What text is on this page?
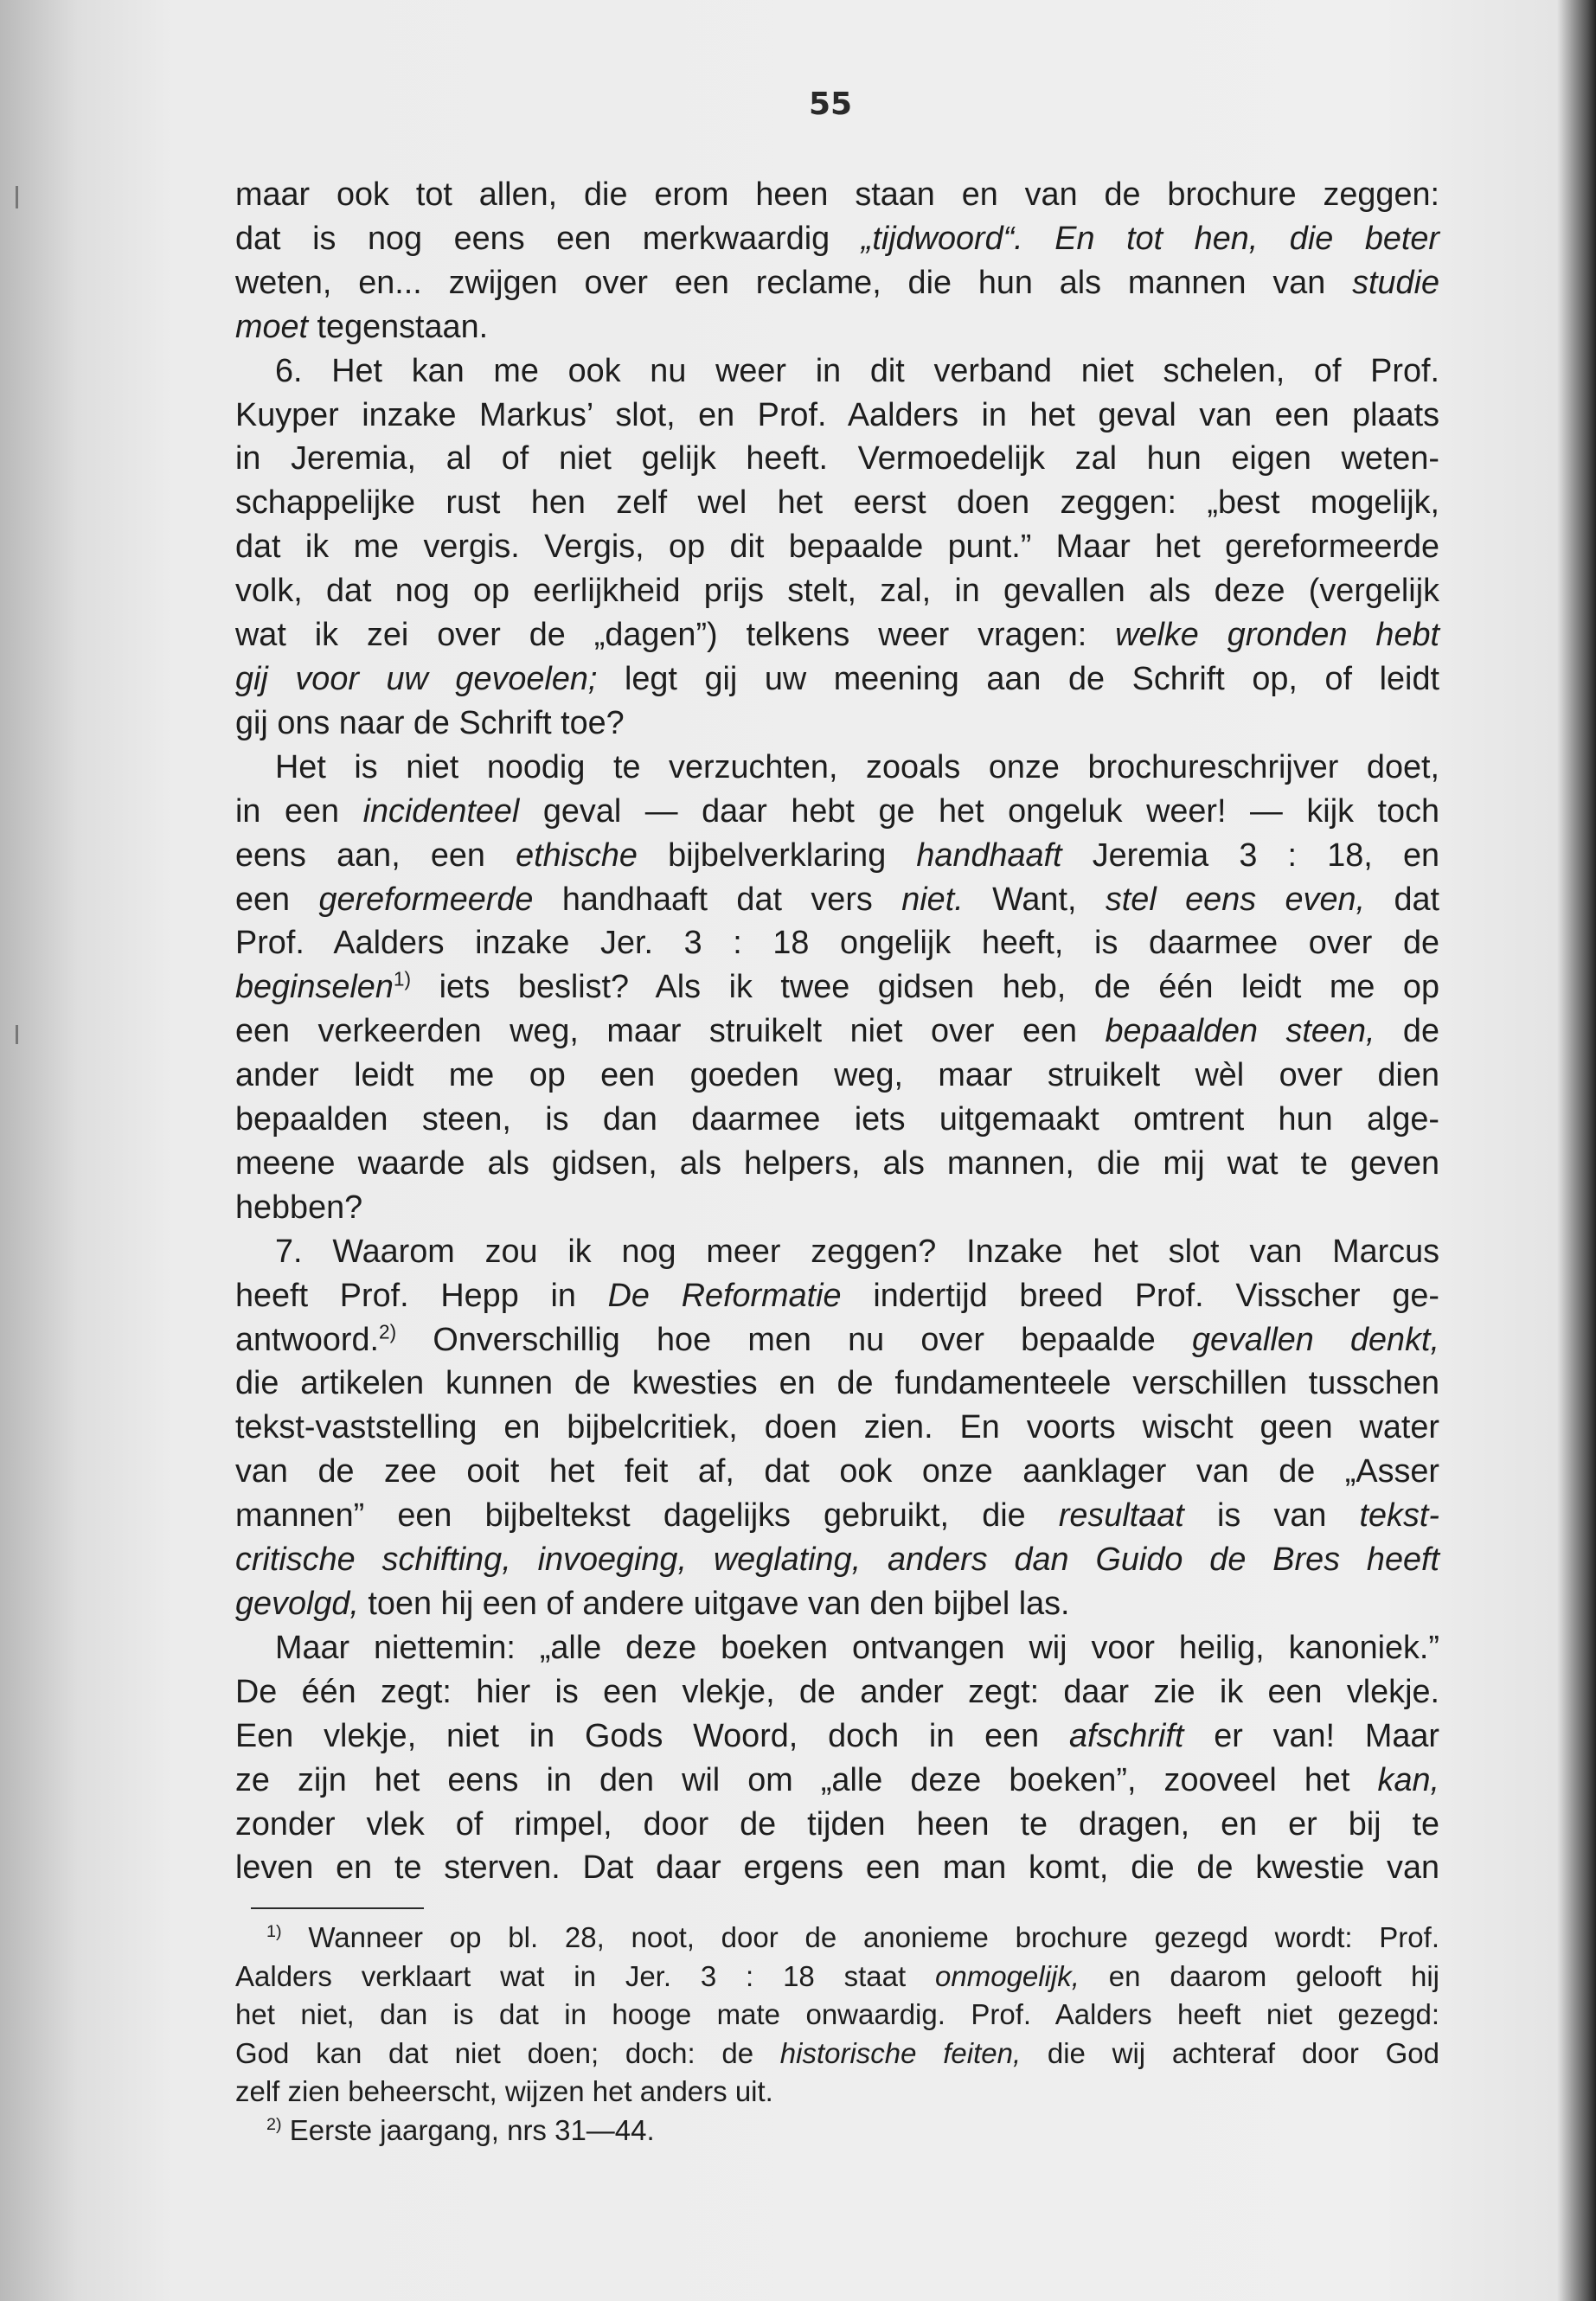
55
maar ook tot allen, die erom heen staan en van de brochure zeggen:
dat is nog eens een merkwaardig „tijdwoord“. En tot hen, die beter
weten, en... zwijgen over een reclame, die hun als mannen van studie
moet tegenstaan.
6. Het kan me ook nu weer in dit verband niet schelen, of Prof.
Kuyper inzake Markus’ slot, en Prof. Aalders in het geval van een plaats
in Jeremia, al of niet gelijk heeft. Vermoedelijk zal hun eigen weten-
schappelijke rust hen zelf wel het eerst doen zeggen: „best mogelijk,
dat ik me vergis. Vergis, op dit bepaalde punt.” Maar het gereformeerde
volk, dat nog op eerlijkheid prijs stelt, zal, in gevallen als deze (vergelijk
wat ik zei over de „dagen”) telkens weer vragen: welke gronden hebt
gij voor uw gevoelen; legt gij uw meening aan de Schrift op, of leidt
gij ons naar de Schrift toe?
Het is niet noodig te verzuchten, zooals onze brochureschrijver doet,
in een incidenteel geval — daar hebt ge het ongeluk weer! — kijk toch
eens aan, een ethische bijbelverklaring handhaaft Jeremia 3 : 18, en
een gereformeerde handhaaft dat vers niet. Want, stel eens even, dat
Prof. Aalders inzake Jer. 3 : 18 ongelijk heeft, is daarmee over de
beginselen$^{1)}$ iets beslist? Als ik twee gidsen heb, de één leidt me op
een verkeerden weg, maar struikelt niet over een bepaalden steen, de
ander leidt me op een goeden weg, maar struikelt wèl over dien
bepaalden steen, is dan daarmee iets uitgemaakt omtrent hun alge-
meene waarde als gidsen, als helpers, als mannen, die mij wat te geven
hebben?
7. Waarom zou ik nog meer zeggen? Inzake het slot van Marcus
heeft Prof. Hepp in De Reformatie indertijd breed Prof. Visscher ge-
antwoord.$^{2)}$ Onverschillig hoe men nu over bepaalde gevallen denkt,
die artikelen kunnen de kwesties en de fundamenteele verschillen tusschen
tekst-vaststelling en bijbelcritiek, doen zien. En voorts wischt geen water
van de zee ooit het feit af, dat ook onze aanklager van de „Asser
mannen” een bijbeltekst dagelijks gebruikt, die resultaat is van tekst-
critische schifting, invoeging, weglating, anders dan Guido de Bres heeft
gevolgd, toen hij een of andere uitgave van den bijbel las.
Maar niettemin: „alle deze boeken ontvangen wij voor heilig, kanoniek.”
De één zegt: hier is een vlekje, de ander zegt: daar zie ik een vlekje.
Een vlekje, niet in Gods Woord, doch in een afschrift er van! Maar
ze zijn het eens in den wil om „alle deze boeken”, zooveel het kan,
zonder vlek of rimpel, door de tijden heen te dragen, en er bij te
leven en te sterven. Dat daar ergens een man komt, die de kwestie van
$^{1)}$ Wanneer op bl. 28, noot, door de anonieme brochure gezegd wordt: Prof.
Aalders verklaart wat in Jer. 3 : 18 staat onmogelijk, en daarom gelooft hij
het niet, dan is dat in hooge mate onwaardig. Prof. Aalders heeft niet gezegd:
God kan dat niet doen; doch: de historische feiten, die wij achteraf door God
zelf zien beheerscht, wijzen het anders uit.
$^{2)}$ Eerste jaargang, nrs 31—44.
